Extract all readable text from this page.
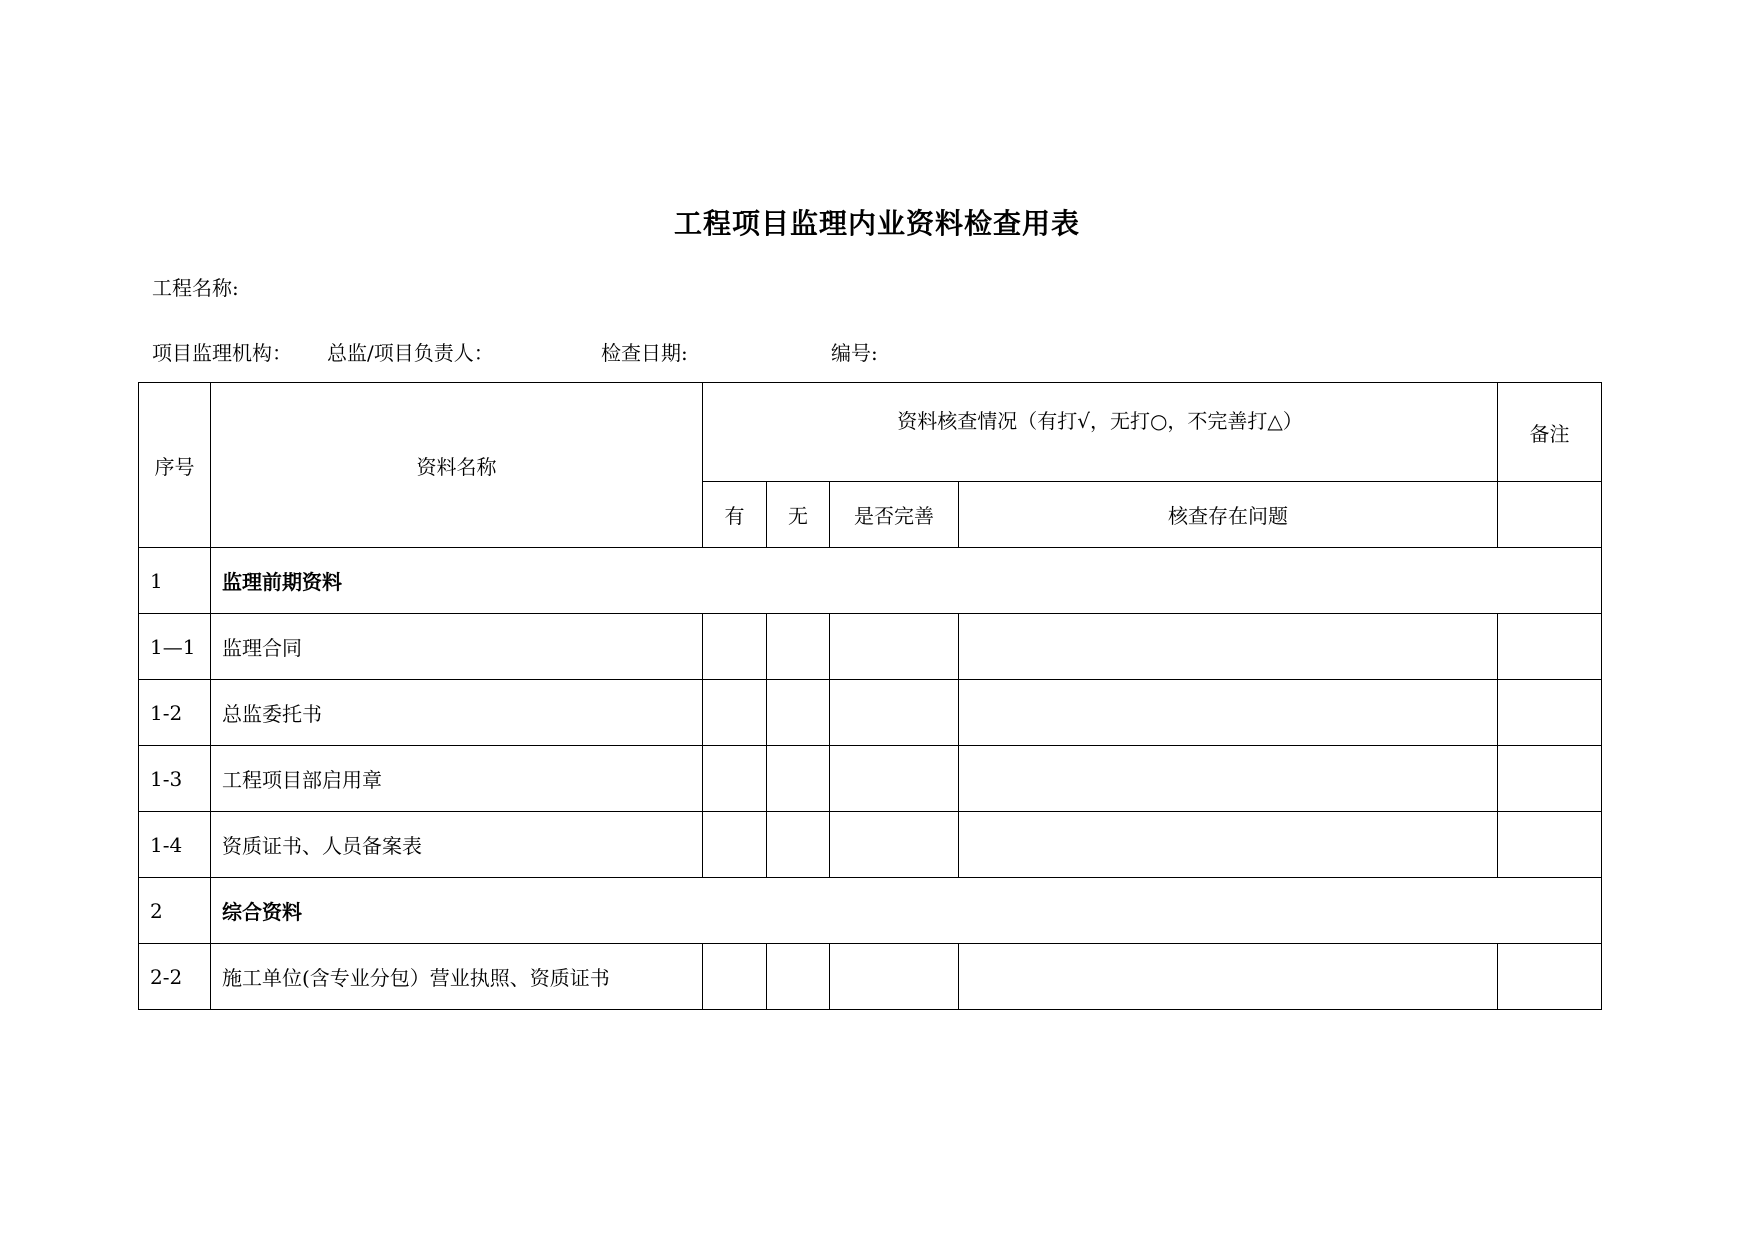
工程项目监理内业资料检查用表
工程名称:
项目监理机构： 总监/项目负责人：	检查日期:	编号:
序号	资料名称	资料核查情况（有打√，无打○，不完善打△）				备注
		有	无	是否完善	核查存在问题	
1	监理前期资料					
1—1	监理合同					
1-2	总监委托书					
1-3	工程项目部启用章					
1-4	资质证书、人员备案表					
2	综合资料					
2-2	施工单位(含专业分包）营业执照、资质证书					
